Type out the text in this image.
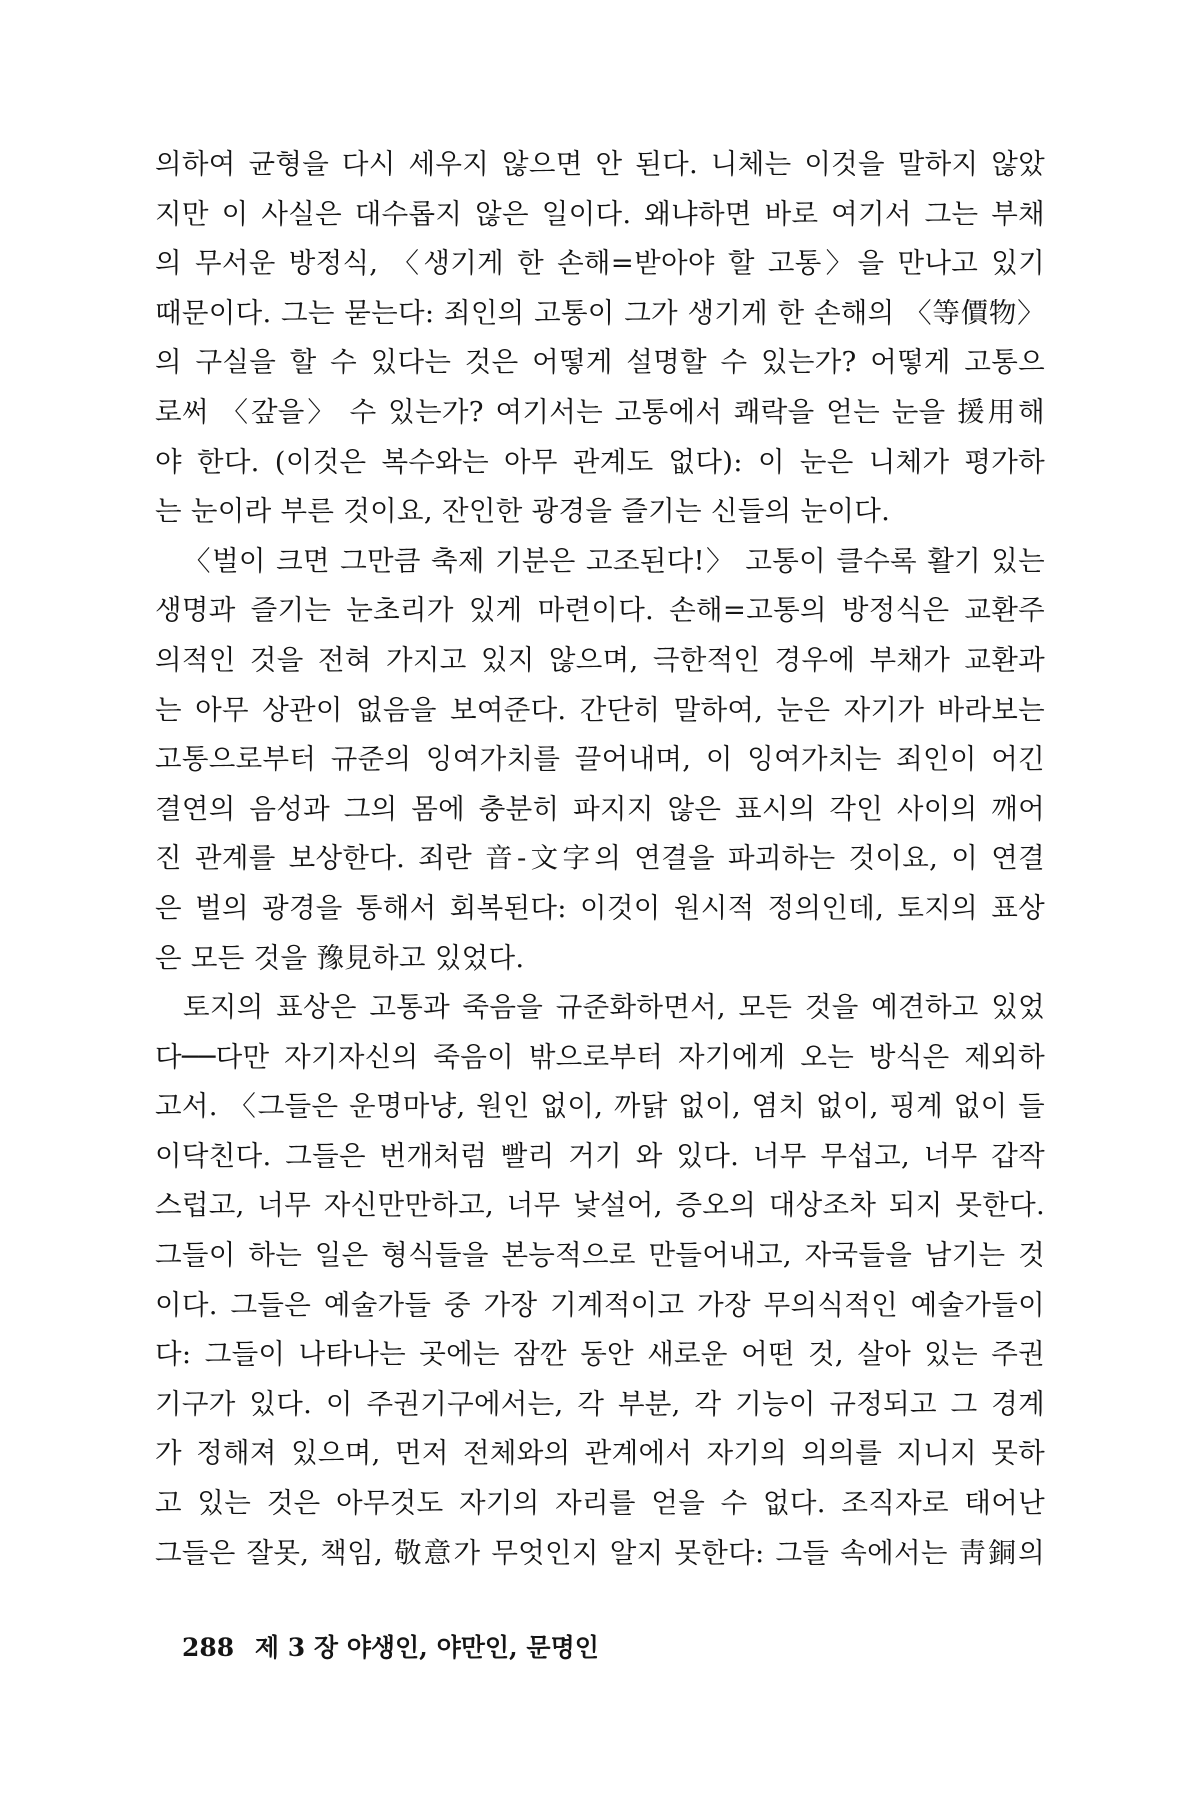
의하여 균형을 다시 세우지 않으면 안 된다. 니체는 이것을 말하지 않았
지만 이 사실은 대수롭지 않은 일이다. 왜냐하면 바로 여기서 그는 부채
의 무서운 방정식, 〈생기게 한 손해=받아야 할 고통〉을 만나고 있기
때문이다. 그는 묻는다: 죄인의 고통이 그가 생기게 한 손해의 〈等價物〉
의 구실을 할 수 있다는 것은 어떻게 설명할 수 있는가? 어떻게 고통으
로써 〈갚을〉 수 있는가? 여기서는 고통에서 쾌락을 얻는 눈을 援用해
야 한다. (이것은 복수와는 아무 관계도 없다): 이 눈은 니체가 평가하
는 눈이라 부른 것이요, 잔인한 광경을 즐기는 신들의 눈이다.
〈벌이 크면 그만큼 축제 기분은 고조된다!〉 고통이 클수록 활기 있는
생명과 즐기는 눈초리가 있게 마련이다. 손해=고통의 방정식은 교환주
의적인 것을 전혀 가지고 있지 않으며, 극한적인 경우에 부채가 교환과
는 아무 상관이 없음을 보여준다. 간단히 말하여, 눈은 자기가 바라보는
고통으로부터 규준의 잉여가치를 끌어내며, 이 잉여가치는 죄인이 어긴
결연의 음성과 그의 몸에 충분히 파지지 않은 표시의 각인 사이의 깨어
진 관계를 보상한다. 죄란 音-文字의 연결을 파괴하는 것이요, 이 연결
은 벌의 광경을 통해서 회복된다: 이것이 원시적 정의인데, 토지의 표상
은 모든 것을 豫見하고 있었다.
토지의 표상은 고통과 죽음을 규준화하면서, 모든 것을 예견하고 있었
다──다만 자기자신의 죽음이 밖으로부터 자기에게 오는 방식은 제외하
고서. 〈그들은 운명마냥, 원인 없이, 까닭 없이, 염치 없이, 핑계 없이 들
이닥친다. 그들은 번개처럼 빨리 거기 와 있다. 너무 무섭고, 너무 갑작
스럽고, 너무 자신만만하고, 너무 낯설어, 증오의 대상조차 되지 못한다.
그들이 하는 일은 형식들을 본능적으로 만들어내고, 자국들을 남기는 것
이다. 그들은 예술가들 중 가장 기계적이고 가장 무의식적인 예술가들이
다: 그들이 나타나는 곳에는 잠깐 동안 새로운 어떤 것, 살아 있는 주권
기구가 있다. 이 주권기구에서는, 각 부분, 각 기능이 규정되고 그 경계
가 정해져 있으며, 먼저 전체와의 관계에서 자기의 의의를 지니지 못하
고 있는 것은 아무것도 자기의 자리를 얻을 수 없다. 조직자로 태어난
그들은 잘못, 책임, 敬意가 무엇인지 알지 못한다: 그들 속에서는 靑銅의
288 제 3 장 야생인, 야만인, 문명인
